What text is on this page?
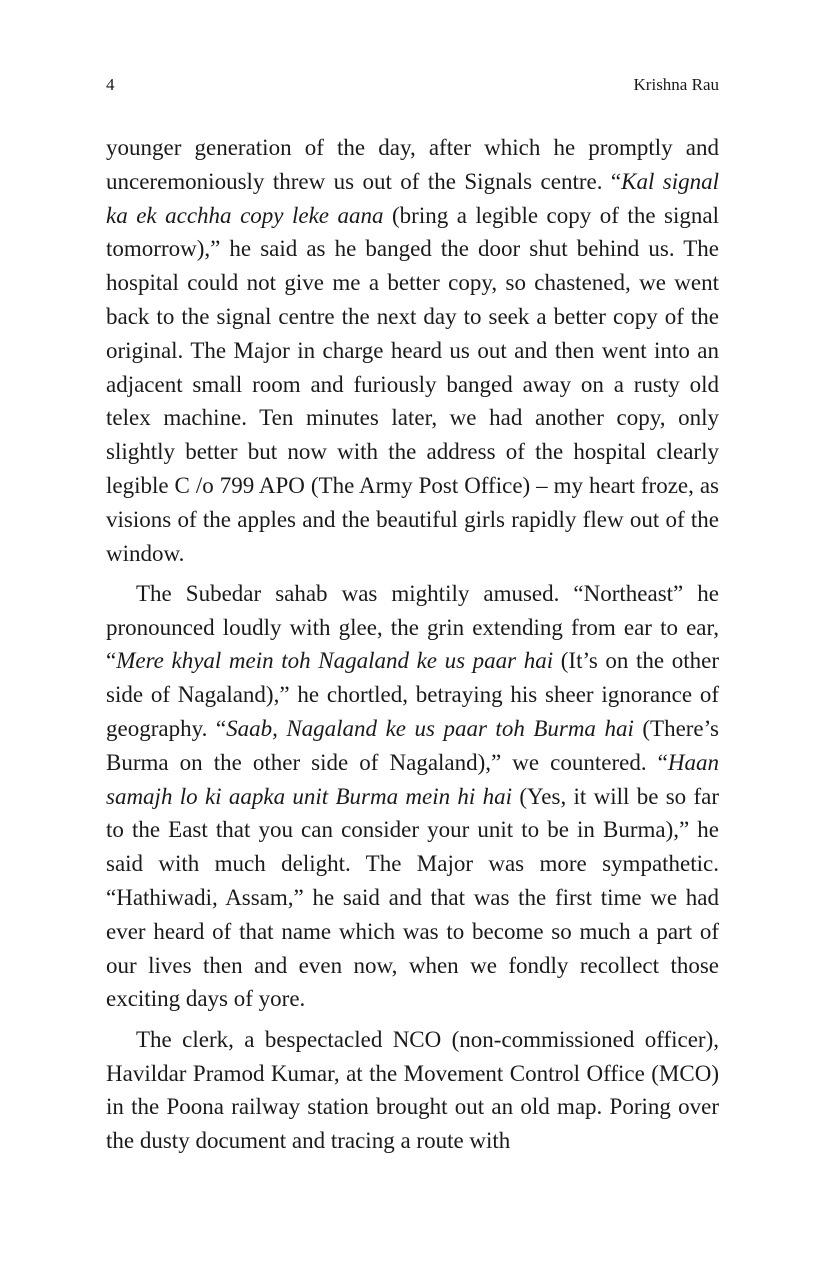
4	Krishna Rau

younger generation of the day, after which he promptly and unceremoniously threw us out of the Signals centre. “Kal signal ka ek acchha copy leke aana (bring a legible copy of the signal tomorrow),” he said as he banged the door shut behind us. The hospital could not give me a better copy, so chastened, we went back to the signal centre the next day to seek a better copy of the original. The Major in charge heard us out and then went into an adjacent small room and furiously banged away on a rusty old telex machine. Ten minutes later, we had another copy, only slightly better but now with the address of the hospital clearly legible C /o 799 APO (The Army Post Office) – my heart froze, as visions of the apples and the beautiful girls rapidly flew out of the window.

The Subedar sahab was mightily amused. “Northeast” he pronounced loudly with glee, the grin extending from ear to ear, “Mere khyal mein toh Nagaland ke us paar hai (It’s on the other side of Nagaland),” he chortled, betraying his sheer ignorance of geography. “Saab, Nagaland ke us paar toh Burma hai (There’s Burma on the other side of Nagaland),” we countered. “Haan samajh lo ki aapka unit Burma mein hi hai (Yes, it will be so far to the East that you can consider your unit to be in Burma),” he said with much delight. The Major was more sympathetic. “Hathiwadi, Assam,” he said and that was the first time we had ever heard of that name which was to become so much a part of our lives then and even now, when we fondly recollect those exciting days of yore.

The clerk, a bespectacled NCO (non-commissioned officer), Havildar Pramod Kumar, at the Movement Control Office (MCO) in the Poona railway station brought out an old map. Poring over the dusty document and tracing a route with
